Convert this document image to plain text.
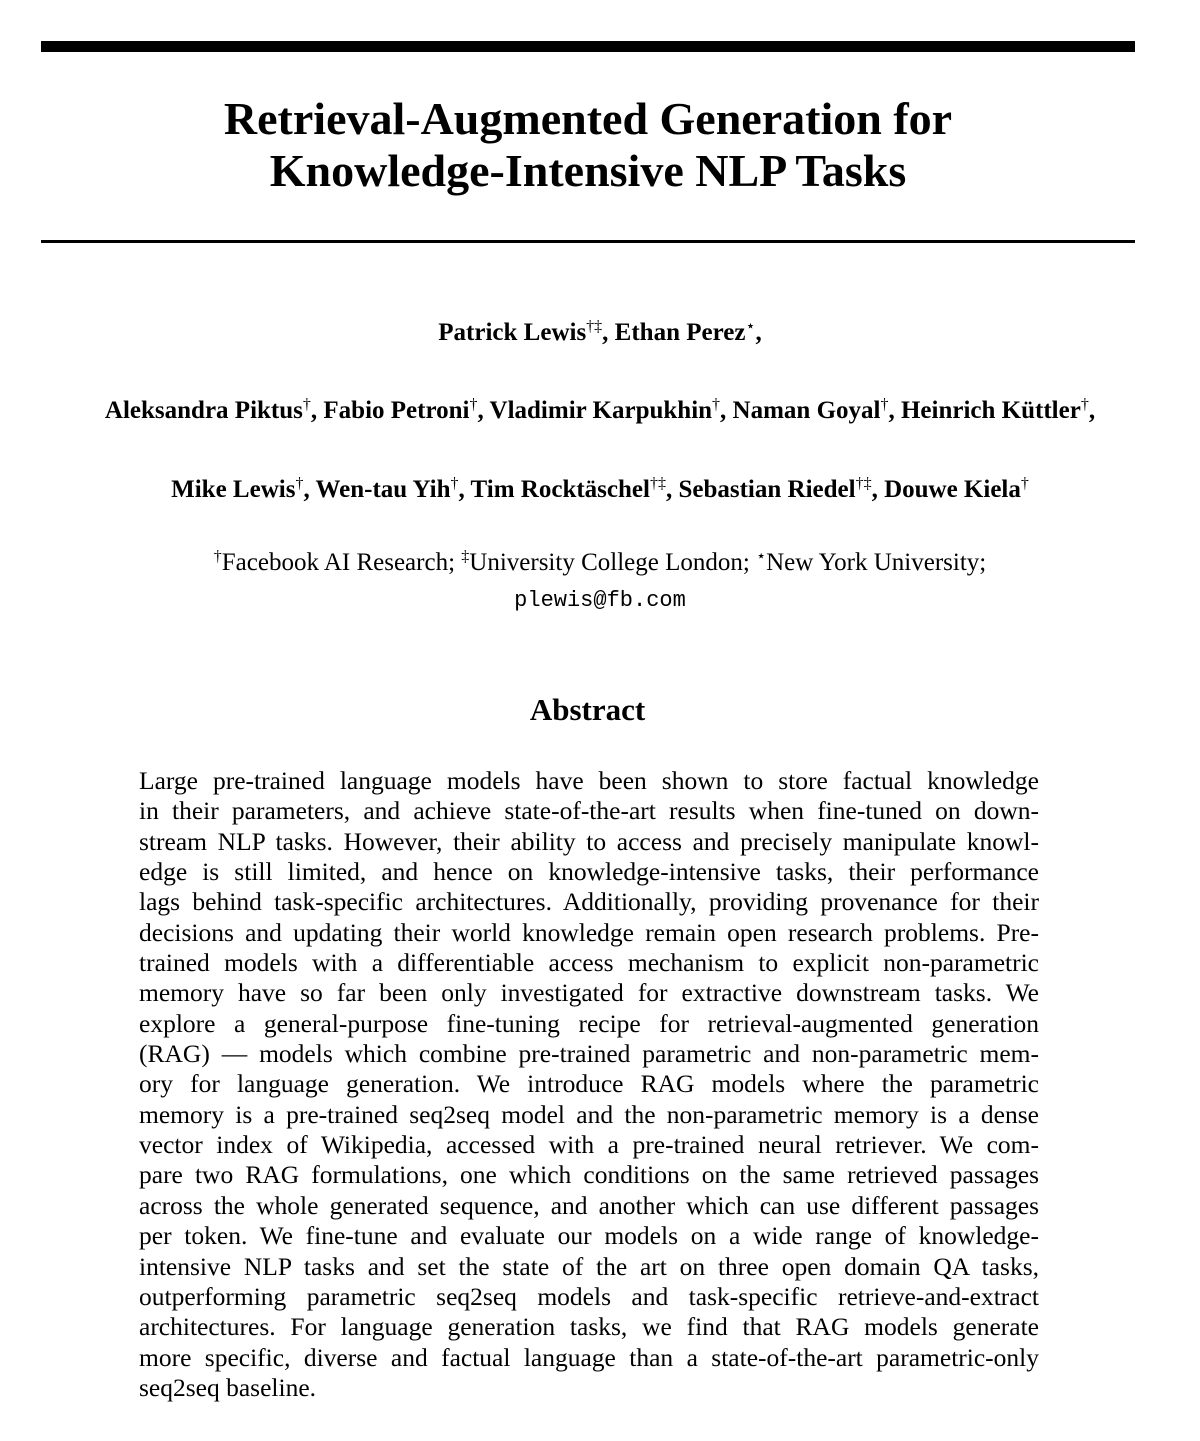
Retrieval-Augmented Generation for
Knowledge-Intensive NLP Tasks
Patrick Lewis†‡, Ethan Perez⋆,
Aleksandra Piktus†, Fabio Petroni†, Vladimir Karpukhin†, Naman Goyal†, Heinrich Küttler†,
Mike Lewis†, Wen-tau Yih†, Tim Rocktäschel†‡, Sebastian Riedel†‡, Douwe Kiela†
†Facebook AI Research; ‡University College London; ⋆New York University;
plewis@fb.com
Abstract
Large pre-trained language models have been shown to store factual knowledge
in their parameters, and achieve state-of-the-art results when fine-tuned on down-
stream NLP tasks. However, their ability to access and precisely manipulate knowl-
edge is still limited, and hence on knowledge-intensive tasks, their performance
lags behind task-specific architectures. Additionally, providing provenance for their
decisions and updating their world knowledge remain open research problems. Pre-
trained models with a differentiable access mechanism to explicit non-parametric
memory have so far been only investigated for extractive downstream tasks. We
explore a general-purpose fine-tuning recipe for retrieval-augmented generation
(RAG) — models which combine pre-trained parametric and non-parametric mem-
ory for language generation. We introduce RAG models where the parametric
memory is a pre-trained seq2seq model and the non-parametric memory is a dense
vector index of Wikipedia, accessed with a pre-trained neural retriever. We com-
pare two RAG formulations, one which conditions on the same retrieved passages
across the whole generated sequence, and another which can use different passages
per token. We fine-tune and evaluate our models on a wide range of knowledge-
intensive NLP tasks and set the state of the art on three open domain QA tasks,
outperforming parametric seq2seq models and task-specific retrieve-and-extract
architectures. For language generation tasks, we find that RAG models generate
more specific, diverse and factual language than a state-of-the-art parametric-only
seq2seq baseline.
